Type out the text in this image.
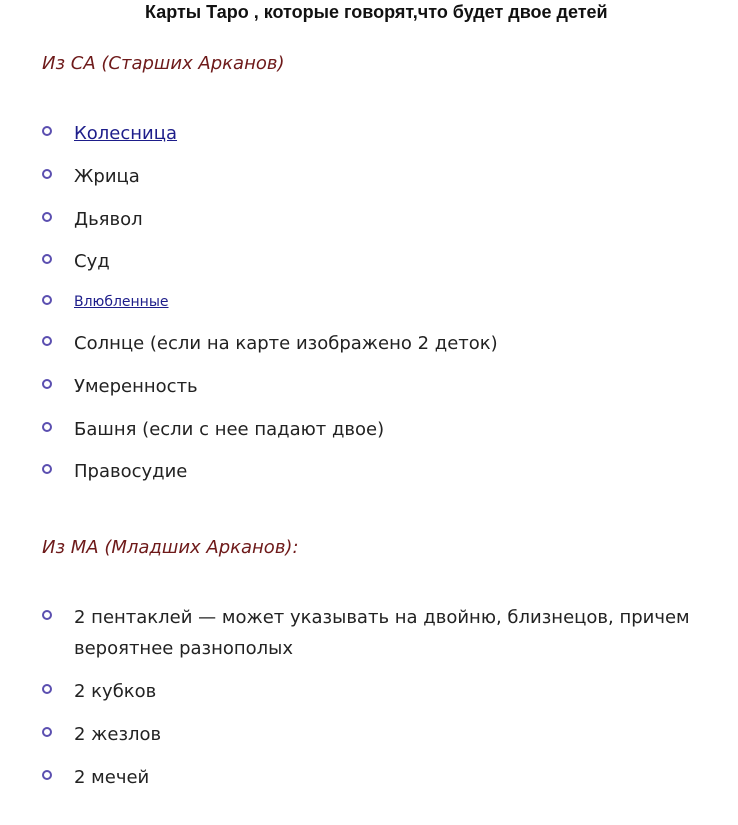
Карты Таро , которые говорят,что будет двое детей
Из СА (Старших Арканов)
Колесница
Жрица
Дьявол
Суд
Влюбленные
Солнце (если на карте изображено 2 деток)
Умеренность
Башня (если с нее падают двое)
Правосудие
Из МА (Младших Арканов):
2 пентаклей — может указывать на двойню, близнецов, причем вероятнее разнополых
2 кубков
2 жезлов
2 мечей
